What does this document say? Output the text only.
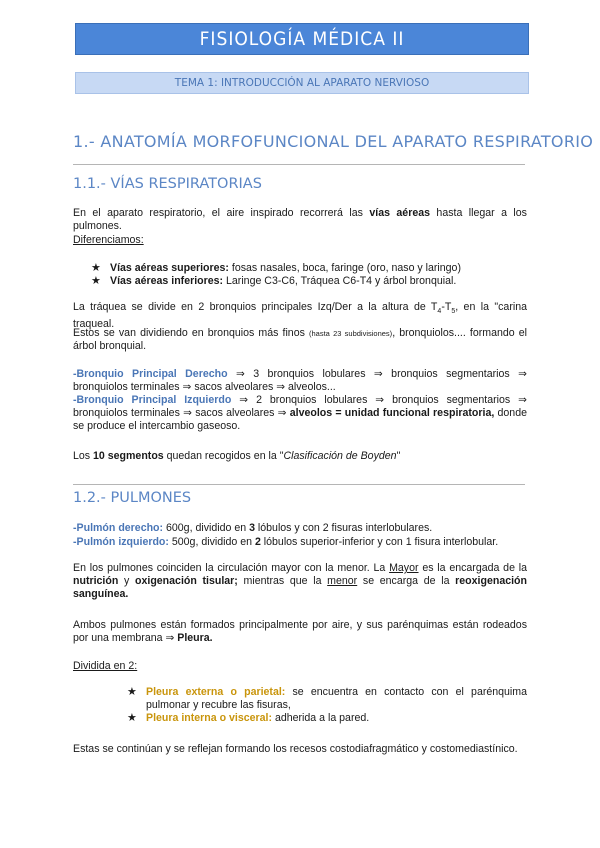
FISIOLOGÍA MÉDICA II
TEMA 1: INTRODUCCIÓN AL APARATO NERVIOSO
1.- ANATOMÍA MORFOFUNCIONAL DEL APARATO RESPIRATORIO
1.1.- VÍAS RESPIRATORIAS
En el aparato respiratorio, el aire inspirado recorrerá las vías aéreas hasta llegar a los pulmones.
Diferenciamos:
★ Vías aéreas superiores: fosas nasales, boca, faringe (oro, naso y laringo)
★ Vías aéreas inferiores: Laringe C3-C6, Tráquea C6-T4 y árbol bronquial.
La tráquea se divide en 2 bronquios principales Izq/Der a la altura de $T_4-T_5$, en la "carina traqueal.
Estos se van dividiendo en bronquios más finos (hasta 23 subdivisiones), bronquiolos.... formando el árbol bronquial.
-Bronquio Principal Derecho ⇒ 3 bronquios lobulares ⇒ bronquios segmentarios ⇒ bronquiolos terminales ⇒ sacos alveolares ⇒ alveolos...
-Bronquio Principal Izquierdo ⇒ 2 bronquios lobulares ⇒ bronquios segmentarios ⇒ bronquiolos terminales ⇒ sacos alveolares ⇒ alveolos = unidad funcional respiratoria, donde se produce el intercambio gaseoso.
Los 10 segmentos quedan recogidos en la "Clasificación de Boyden"
1.2.- PULMONES
-Pulmón derecho: 600g, dividido en 3 lóbulos y con 2 fisuras interlobulares.
-Pulmón izquierdo: 500g, dividido en 2 lóbulos superior-inferior y con 1 fisura interlobular.
En los pulmones coinciden la circulación mayor con la menor. La Mayor es la encargada de la nutrición y oxigenación tisular; mientras que la menor se encarga de la reoxigenación sanguínea.
Ambos pulmones están formados principalmente por aire, y sus parénquimas están rodeados por una membrana ⇒ Pleura.
Dividida en 2:
★ Pleura externa o parietal: se encuentra en contacto con el parénquima pulmonar y recubre las fisuras,
★ Pleura interna o visceral: adherida a la pared.
Estas se continúan y se reflejan formando los recesos costodiafragmático y costomediastínico.
